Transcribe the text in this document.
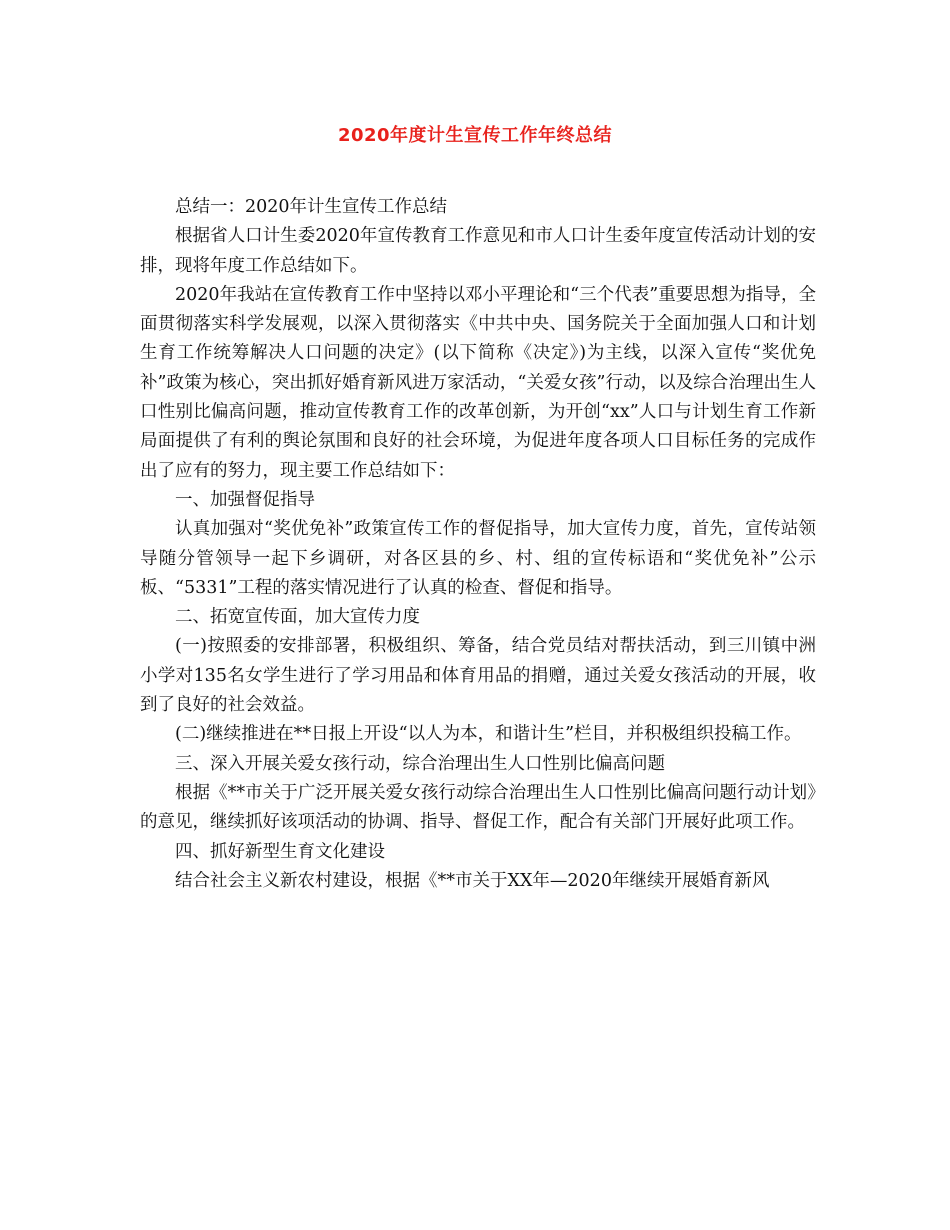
2020年度计生宣传工作年终总结

总结一：2020年计生宣传工作总结

根据省人口计生委2020年宣传教育工作意见和市人口计生委年度宣传活动计划的安排，现将年度工作总结如下。

2020年我站在宣传教育工作中坚持以邓小平理论和“三个代表”重要思想为指导，全面贯彻落实科学发展观，以深入贯彻落实《中共中央、国务院关于全面加强人口和计划生育工作统筹解决人口问题的决定》(以下简称《决定》)为主线，以深入宣传“奖优免补”政策为核心，突出抓好婚育新风进万家活动，“关爱女孩”行动，以及综合治理出生人口性别比偏高问题，推动宣传教育工作的改革创新，为开创“xx”人口与计划生育工作新局面提供了有利的舆论氛围和良好的社会环境，为促进年度各项人口目标任务的完成作出了应有的努力，现主要工作总结如下：

一、加强督促指导

认真加强对“奖优免补”政策宣传工作的督促指导，加大宣传力度，首先，宣传站领导随分管领导一起下乡调研，对各区县的乡、村、组的宣传标语和“奖优免补”公示板、“5331”工程的落实情况进行了认真的检查、督促和指导。

二、拓宽宣传面，加大宣传力度

(一)按照委的安排部署，积极组织、筹备，结合党员结对帮扶活动，到三川镇中洲小学对135名女学生进行了学习用品和体育用品的捐赠，通过关爱女孩活动的开展，收到了良好的社会效益。

(二)继续推进在**日报上开设“以人为本，和谐计生”栏目，并积极组织投稿工作。

三、深入开展关爱女孩行动，综合治理出生人口性别比偏高问题

根据《**市关于广泛开展关爱女孩行动综合治理出生人口性别比偏高问题行动计划》的意见，继续抓好该项活动的协调、指导、督促工作，配合有关部门开展好此项工作。

四、抓好新型生育文化建设

结合社会主义新农村建设，根据《**市关于XX年—2020年继续开展婚育新风
